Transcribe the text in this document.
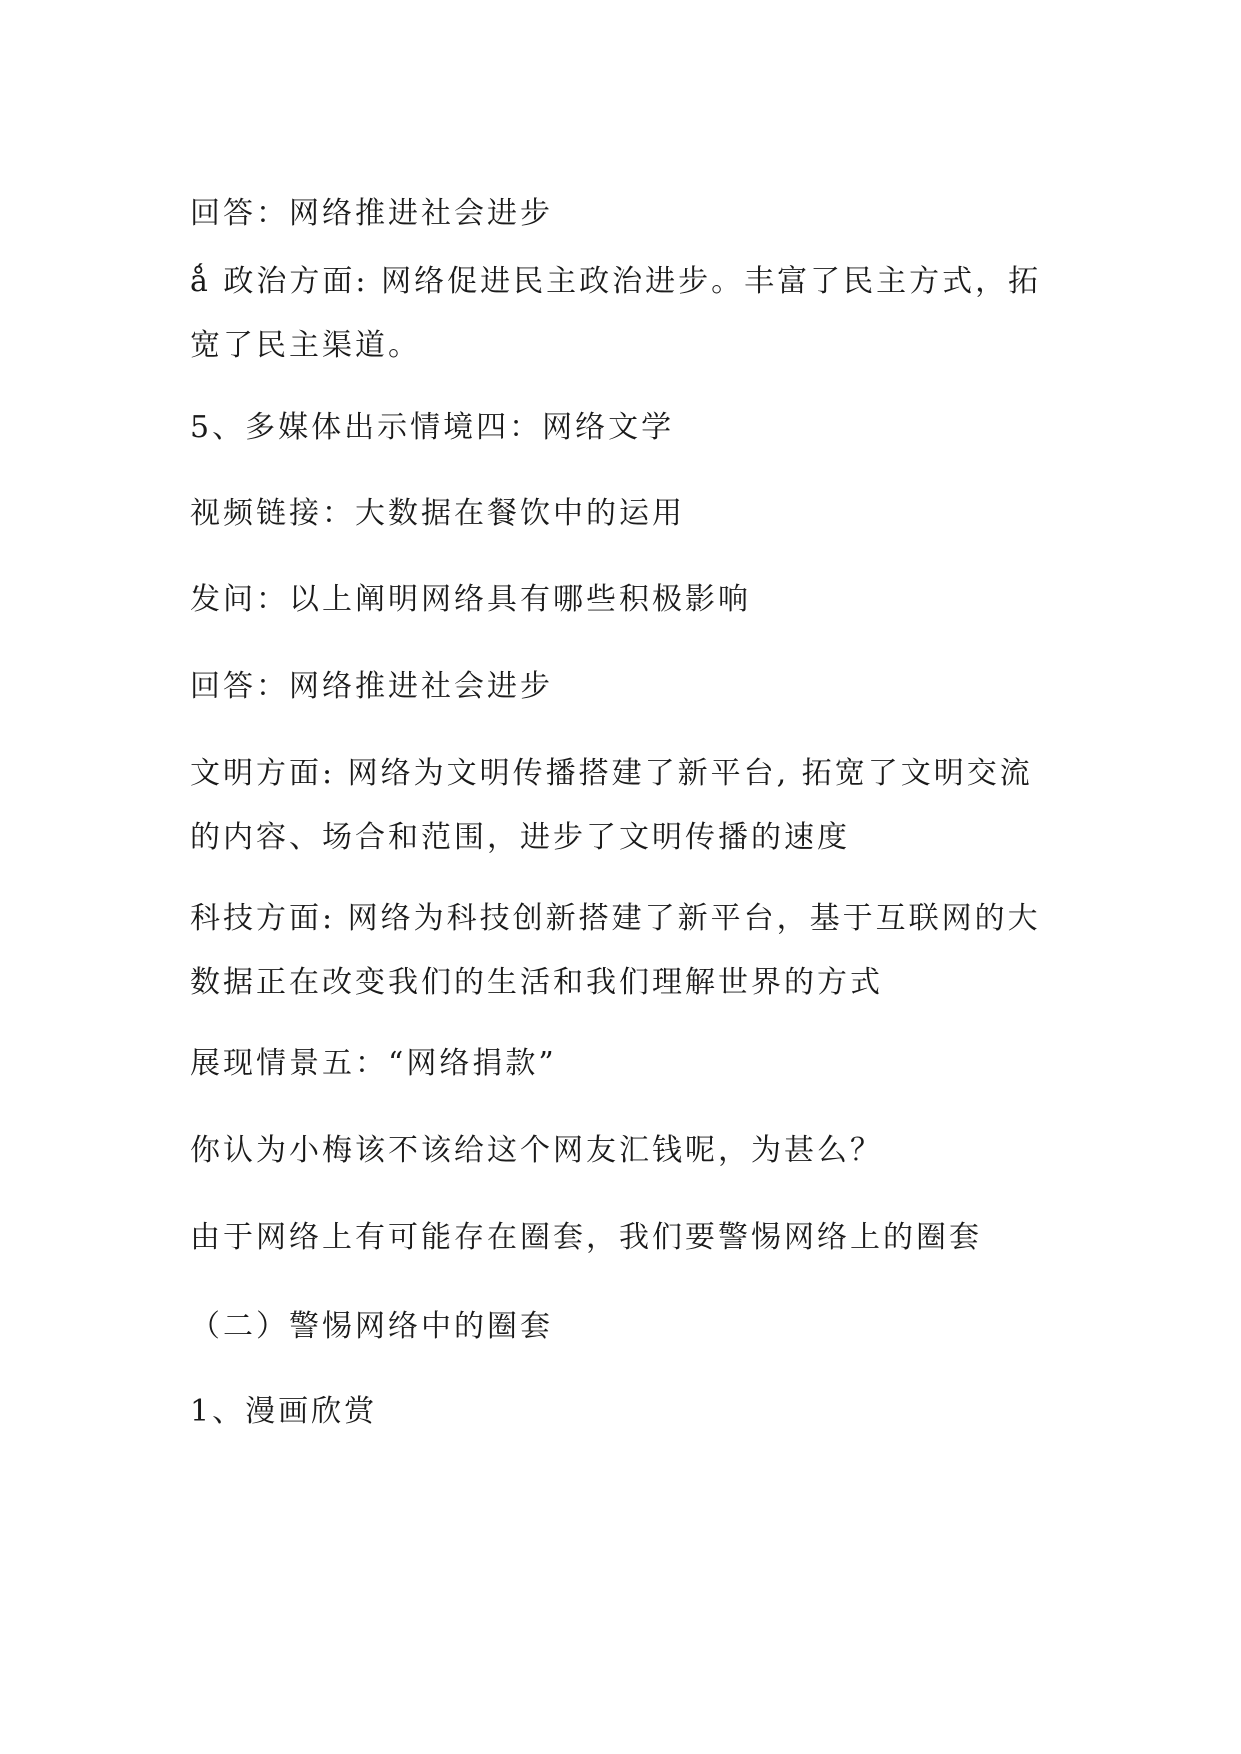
回答：网络推进社会进步

ǻ 政治方面: 网络促进民主政治进步。丰富了民主方式，拓宽了民主渠道。

5、多媒体出示情境四：网络文学

视频链接：大数据在餐饮中的运用

发问：以上阐明网络具有哪些积极影响

回答：网络推进社会进步

文明方面: 网络为文明传播搭建了新平台, 拓宽了文明交流的内容、场合和范围，进步了文明传播的速度

科技方面: 网络为科技创新搭建了新平台，基于互联网的大数据正在改变我们的生活和我们理解世界的方式

展现情景五：“网络捐款”

你认为小梅该不该给这个网友汇钱呢，为甚么？

由于网络上有可能存在圈套，我们要警惕网络上的圈套

（二）警惕网络中的圈套

1、漫画欣赏
